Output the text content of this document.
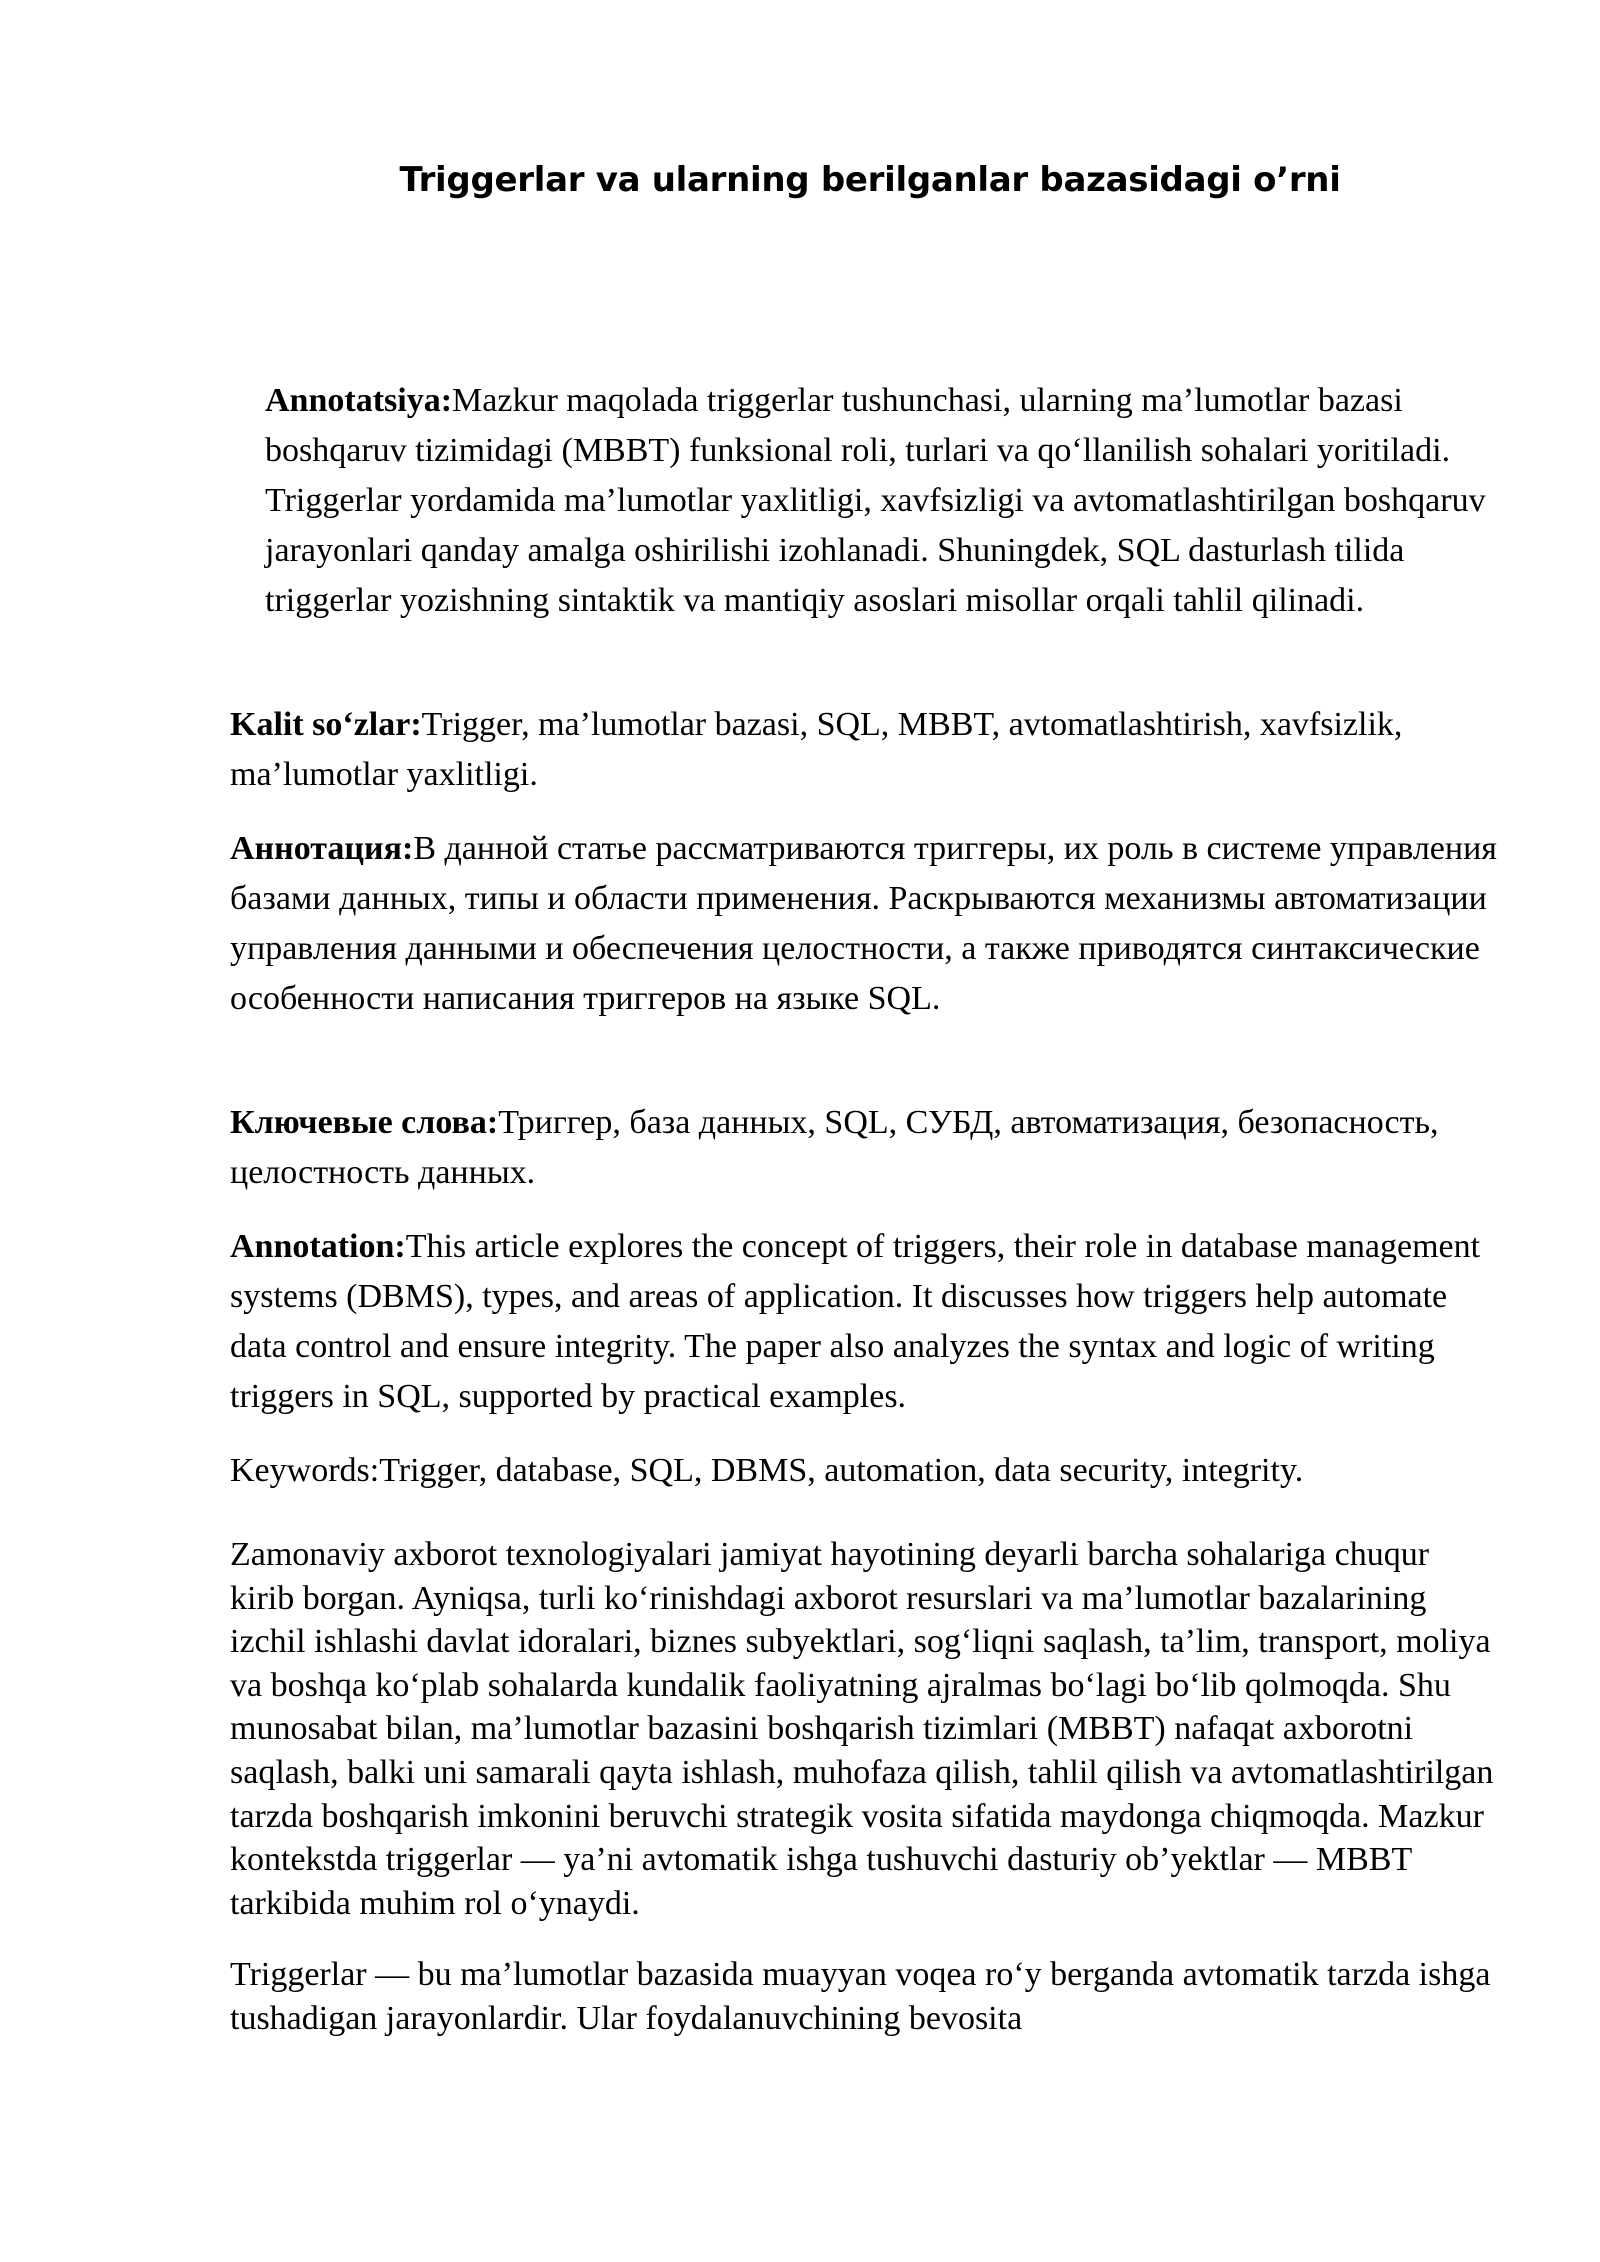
Triggerlar va ularning berilganlar bazasidagi o’rni

Annotatsiya:Mazkur maqolada triggerlar tushunchasi, ularning ma’lumotlar bazasi boshqaruv tizimidagi (MBBT) funksional roli, turlari va qo‘llanilish sohalari yoritiladi. Triggerlar yordamida ma’lumotlar yaxlitligi, xavfsizligi va avtomatlashtirilgan boshqaruv jarayonlari qanday amalga oshirilishi izohlanadi. Shuningdek, SQL dasturlash tilida triggerlar yozishning sintaktik va mantiqiy asoslari misollar orqali tahlil qilinadi.

Kalit so‘zlar:Trigger, ma’lumotlar bazasi, SQL, MBBT, avtomatlashtirish, xavfsizlik, ma’lumotlar yaxlitligi.

Аннотация:В данной статье рассматриваются триггеры, их роль в системе управления базами данных, типы и области применения. Раскрываются механизмы автоматизации управления данными и обеспечения целостности, а также приводятся синтаксические особенности написания триггеров на языке SQL.

Ключевые слова:Триггер, база данных, SQL, СУБД, автоматизация, безопасность, целостность данных.

Annotation:This article explores the concept of triggers, their role in database management systems (DBMS), types, and areas of application. It discusses how triggers help automate data control and ensure integrity. The paper also analyzes the syntax and logic of writing triggers in SQL, supported by practical examples.

Keywords:Trigger, database, SQL, DBMS, automation, data security, integrity.

Zamonaviy axborot texnologiyalari jamiyat hayotining deyarli barcha sohalariga chuqur kirib borgan. Ayniqsa, turli ko‘rinishdagi axborot resurslari va ma’lumotlar bazalarining izchil ishlashi davlat idoralari, biznes subyektlari, sog‘liqni saqlash, ta’lim, transport, moliya va boshqa ko‘plab sohalarda kundalik faoliyatning ajralmas bo‘lagi bo‘lib qolmoqda. Shu munosabat bilan, ma’lumotlar bazasini boshqarish tizimlari (MBBT) nafaqat axborotni saqlash, balki uni samarali qayta ishlash, muhofaza qilish, tahlil qilish va avtomatlashtirilgan tarzda boshqarish imkonini beruvchi strategik vosita sifatida maydonga chiqmoqda. Mazkur kontekstda triggerlar — ya’ni avtomatik ishga tushuvchi dasturiy ob’yektlar — MBBT tarkibida muhim rol o‘ynaydi.

Triggerlar — bu ma’lumotlar bazasida muayyan voqea ro‘y berganda avtomatik tarzda ishga tushadigan jarayonlardir. Ular foydalanuvchining bevosita
